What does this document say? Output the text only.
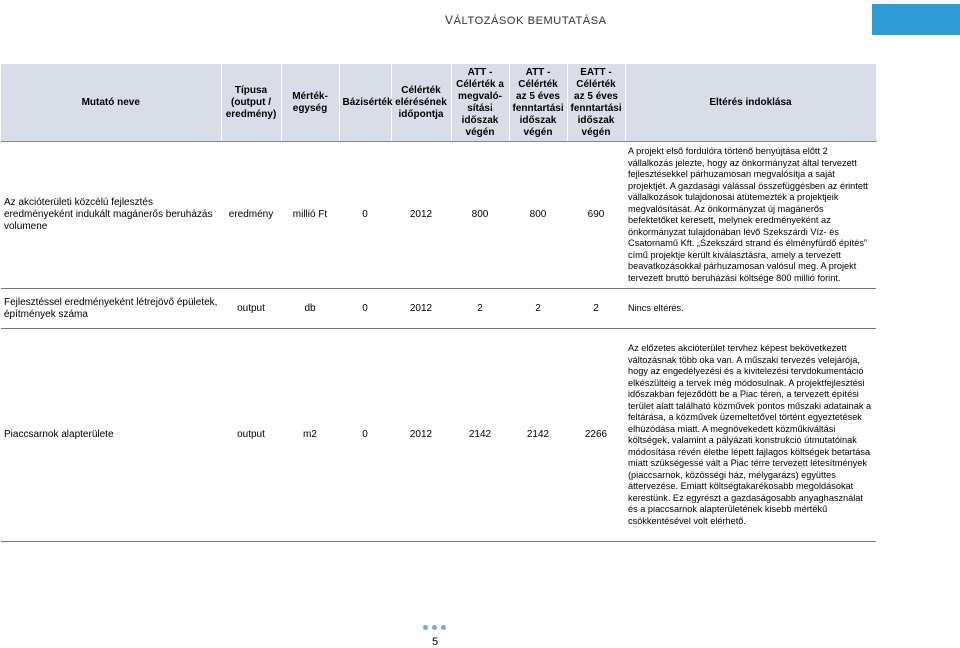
VÁLTOZÁSOK BEMUTATÁSA
Mutató neve	Típusa (output / eredmény)	Mérték-egység	Bázisérték	Célérték elérésének időpontja	ATT - Célérték a megvaló-sítási időszak végén	ATT - Célérték az 5 éves fenntartási időszak végén	EATT - Célérték az 5 éves fenntartási időszak végén	Eltérés indoklása
Az akcióterületi közcélú fejlesztés eredményeként indukált magánerős beruházás volumene	eredmény	millió Ft	0	2012	800	800	690	A projekt első fordulóra történő benyújtása előtt 2 vállalkozás jelezte, hogy az önkormányzat által tervezett fejlesztésekkel párhuzamosan megvalósítja a saját projektjét. A gazdasági válással összefüggésben az érintett vállalkozások tulajdonosai átütemezték a projektjeik megvalósítását. Az önkormányzat új magánerős befektetőket keresett, melynek eredményeként az önkormányzat tulajdonában lévő Szekszárdi Víz- és Csatornamű Kft. „Szekszárd strand és élményfürdő építés” című projektje került kiválasztásra, amely a tervezett beavatkozásokkal párhuzamosan valósul meg. A projekt tervezett bruttó beruházási költsége 800 millió forint.
Fejlesztéssel eredményeként létrejövő épületek, építmények száma	output	db	0	2012	2	2	2	Nincs eltérés.
Piaccsarnok alapterülete	output	m2	0	2012	2142	2142	2266	Az előzetes akcióterület tervhez képest bekövetkezett változásnak több oka van. A műszaki tervezés velejárója, hogy az engedélyezési és a kivitelezési tervdokumentáció elkészültéig a tervek még módosulnak. A projektfejlesztési időszakban fejeződött be a Piac téren, a tervezett építési terület alatt található közművek pontos műszaki adatainak a feltárása, a közművek üzemeltetővel történt egyeztetések elhúzódása miatt. A megnövekedett közműkiváltási költségek, valamint a pályázati konstrukció útmutatóinak módosítása révén életbe lépett fajlagos költségek betartása miatt szükségessé vált a Piac térre tervezett létesítmények (piaccsarnok, közösségi ház, mélygarázs) együttes áttervezése. Emiatt költségtakarékosabb megoldásokat kerestünk. Ez egyrészt a gazdaságosabb anyaghasználat és a piaccsarnok alapterületének kisebb mértékű csökkentésével volt elérhető.
5
